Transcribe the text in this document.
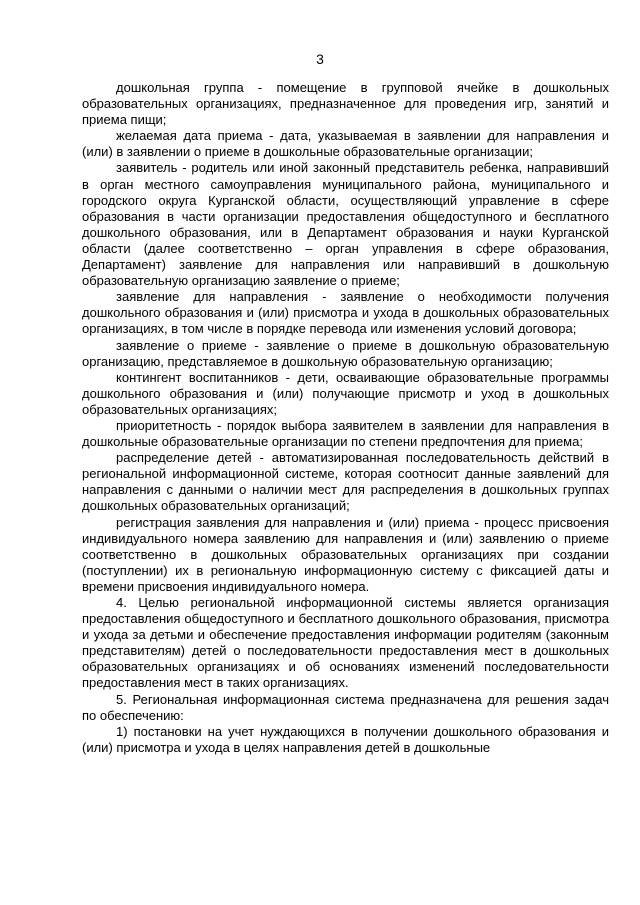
3

дошкольная группа - помещение в групповой ячейке в дошкольных образовательных организациях, предназначенное для проведения игр, занятий и приема пищи;

желаемая дата приема - дата, указываемая в заявлении для направления и (или) в заявлении о приеме в дошкольные образовательные организации;

заявитель - родитель или иной законный представитель ребенка, направивший в орган местного самоуправления муниципального района, муниципального и городского округа Курганской области, осуществляющий управление в сфере образования в части организации предоставления общедоступного и бесплатного дошкольного образования, или в Департамент образования и науки Курганской области (далее соответственно – орган управления в сфере образования, Департамент) заявление для направления или направивший в дошкольную образовательную организацию заявление о приеме;

заявление для направления - заявление о необходимости получения дошкольного образования и (или) присмотра и ухода в дошкольных образовательных организациях, в том числе в порядке перевода или изменения условий договора;

заявление о приеме - заявление о приеме в дошкольную образовательную организацию, представляемое в дошкольную образовательную организацию;

контингент воспитанников - дети, осваивающие образовательные программы дошкольного образования и (или) получающие присмотр и уход в дошкольных образовательных организациях;

приоритетность - порядок выбора заявителем в заявлении для направления в дошкольные образовательные организации по степени предпочтения для приема;

распределение детей - автоматизированная последовательность действий в региональной информационной системе, которая соотносит данные заявлений для направления с данными о наличии мест для распределения в дошкольных группах дошкольных образовательных организаций;

регистрация заявления для направления и (или) приема - процесс присвоения индивидуального номера заявлению для направления и (или) заявлению о приеме соответственно в дошкольных образовательных организациях при создании (поступлении) их в региональную информационную систему с фиксацией даты и времени присвоения индивидуального номера.

4. Целью региональной информационной системы является организация предоставления общедоступного и бесплатного дошкольного образования, присмотра и ухода за детьми и обеспечение предоставления информации родителям (законным представителям) детей о последовательности предоставления мест в дошкольных образовательных организациях и об основаниях изменений последовательности предоставления мест в таких организациях.

5. Региональная информационная система предназначена для решения задач по обеспечению:

1) постановки на учет нуждающихся в получении дошкольного образования и (или) присмотра и ухода в целях направления детей в дошкольные
